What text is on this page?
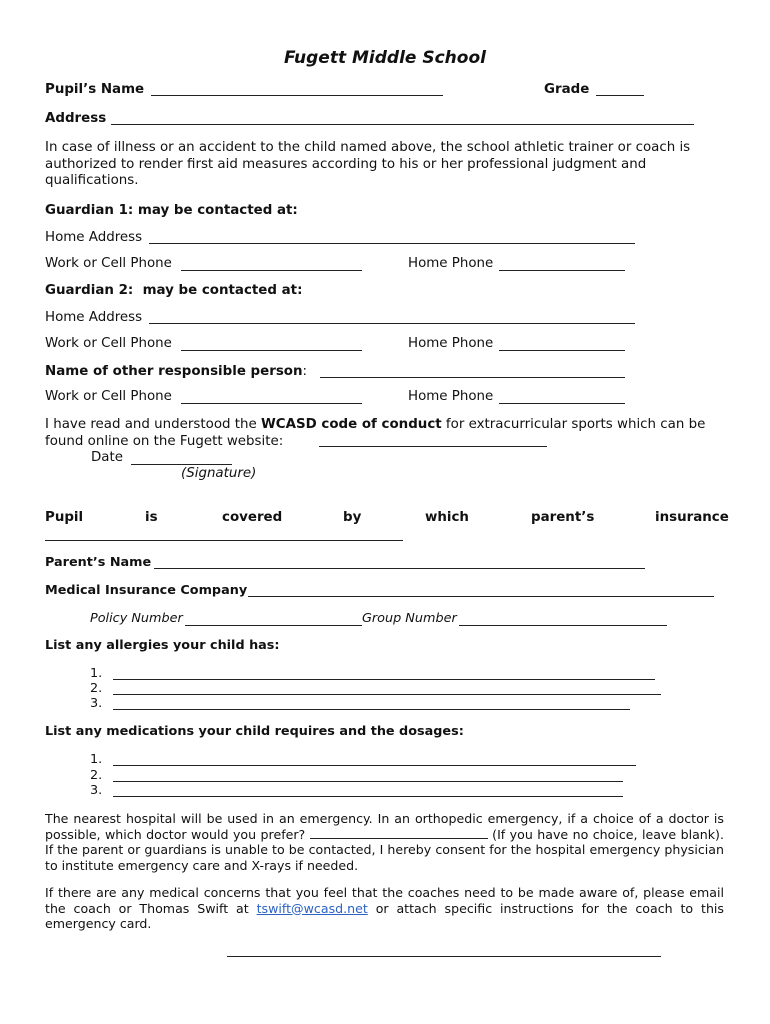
Fugett Middle School
Pupil’s Name	Grade
Address
In case of illness or an accident to the child named above, the school athletic trainer or coach is authorized to render first aid measures according to his or her professional judgment and qualifications.
Guardian 1: may be contacted at:
Home Address
Work or Cell Phone	Home Phone
Guardian 2:  may be contacted at:
Home Address
Work or Cell Phone	Home Phone
Name of other responsible person:
Work or Cell Phone	Home Phone
I have read and understood the WCASD code of conduct for extracurricular sports which can be found online on the Fugett website:
Date
(Signature)
Pupil	is	covered	by	which	parent’s	insurance
Parent’s Name
Medical Insurance Company
Policy Number	Group Number
List any allergies your child has:
1.
2.
3.
List any medications your child requires and the dosages:
1.
2.
3.
The nearest hospital will be used in an emergency. In an orthopedic emergency, if a choice of a doctor is possible, which doctor would you prefer?	(If you have no choice, leave blank). If the parent or guardians is unable to be contacted, I hereby consent for the hospital emergency physician to institute emergency care and X-rays if needed.
If there are any medical concerns that you feel that the coaches need to be made aware of, please email the coach or Thomas Swift at tswift@wcasd.net or attach specific instructions for the coach to this emergency card.
